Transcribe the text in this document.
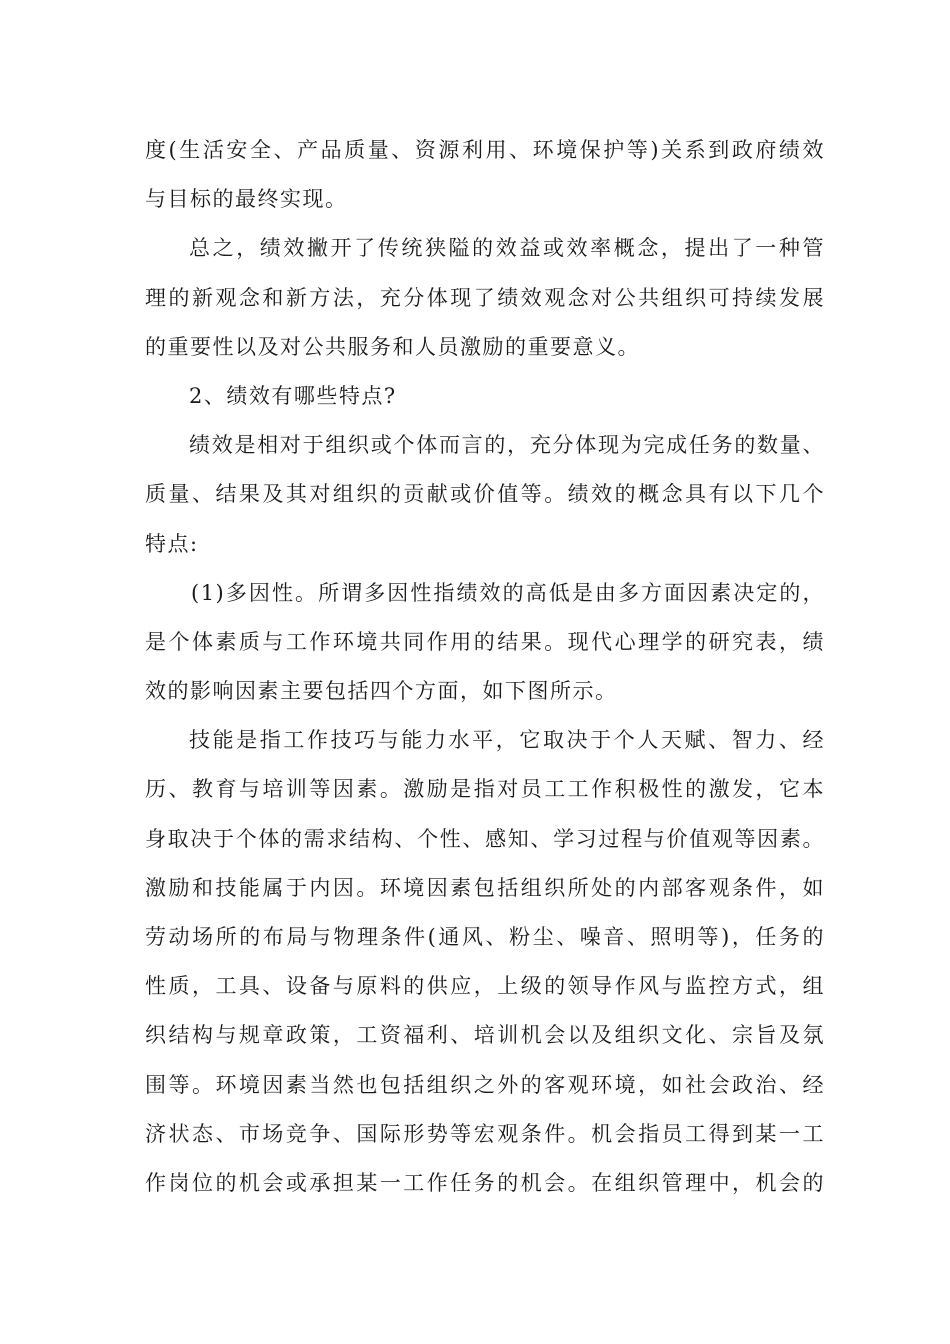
度(生活安全、产品质量、资源利用、环境保护等)关系到政府绩效
与目标的最终实现。
总之，绩效撇开了传统狭隘的效益或效率概念，提出了一种管
理的新观念和新方法，充分体现了绩效观念对公共组织可持续发展
的重要性以及对公共服务和人员激励的重要意义。
2、绩效有哪些特点?
绩效是相对于组织或个体而言的，充分体现为完成任务的数量、
质量、结果及其对组织的贡献或价值等。绩效的概念具有以下几个
特点:
(1)多因性。所谓多因性指绩效的高低是由多方面因素决定的，
是个体素质与工作环境共同作用的结果。现代心理学的研究表，绩
效的影响因素主要包括四个方面，如下图所示。
技能是指工作技巧与能力水平，它取决于个人天赋、智力、经
历、教育与培训等因素。激励是指对员工工作积极性的激发，它本
身取决于个体的需求结构、个性、感知、学习过程与价值观等因素。
激励和技能属于内因。环境因素包括组织所处的内部客观条件，如
劳动场所的布局与物理条件(通风、粉尘、噪音、照明等)，任务的
性质，工具、设备与原料的供应，上级的领导作风与监控方式，组
织结构与规章政策，工资福利、培训机会以及组织文化、宗旨及氛
围等。环境因素当然也包括组织之外的客观环境，如社会政治、经
济状态、市场竞争、国际形势等宏观条件。机会指员工得到某一工
作岗位的机会或承担某一工作任务的机会。在组织管理中，机会的
